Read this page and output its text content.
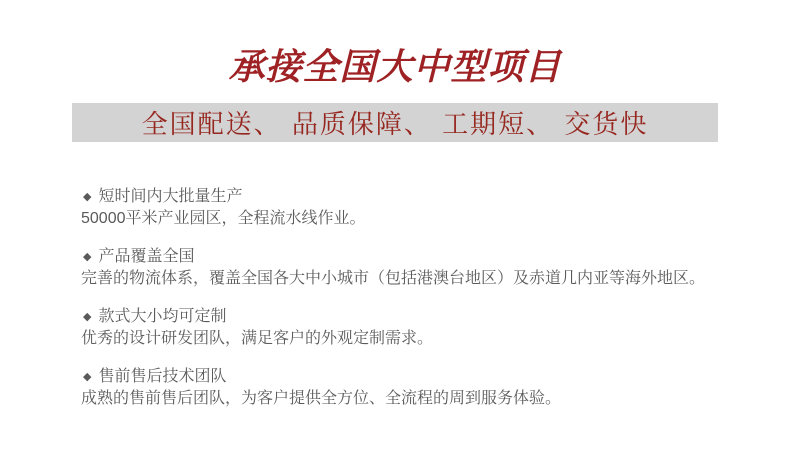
承接全国大中型项目
全国配送、 品质保障、 工期短、 交货快
◆ 短时间内大批量生产
50000平米产业园区，全程流水线作业。
◆ 产品覆盖全国
完善的物流体系，覆盖全国各大中小城市（包括港澳台地区）及赤道几内亚等海外地区。
◆ 款式大小均可定制
优秀的设计研发团队，满足客户的外观定制需求。
◆ 售前售后技术团队
成熟的售前售后团队，为客户提供全方位、全流程的周到服务体验。
